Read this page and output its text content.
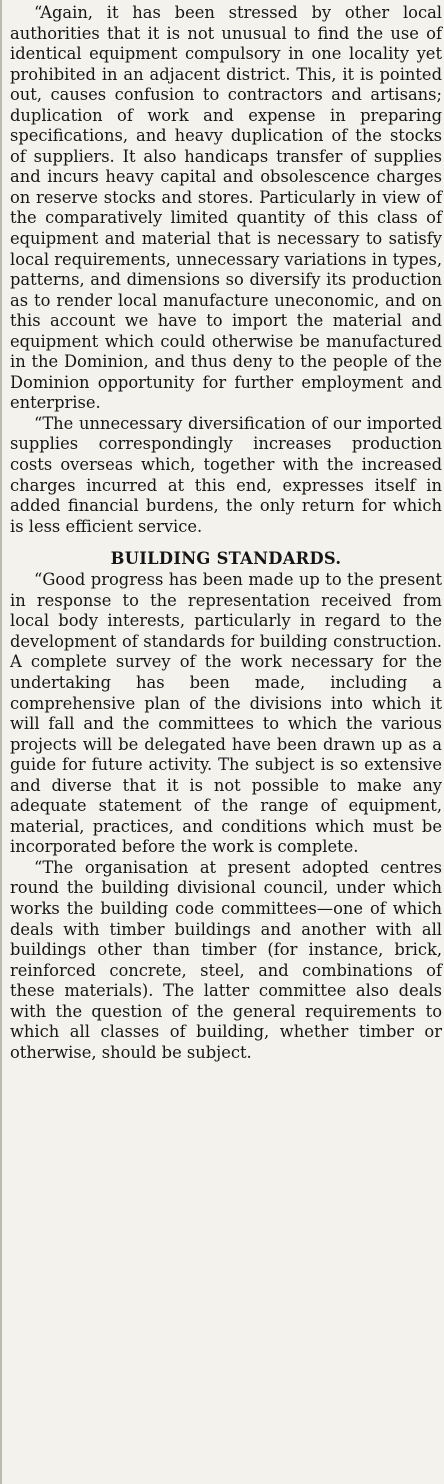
“Again, it has been stressed by other local authorities that it is not unusual to find the use of identical equipment compulsory in one locality yet prohibited in an adjacent district. This, it is pointed out, causes confusion to contractors and artisans; duplication of work and expense in preparing specifications, and heavy duplication of the stocks of suppliers. It also handicaps transfer of supplies and incurs heavy capital and obsolescence charges on reserve stocks and stores. Particularly in view of the comparatively limited quantity of this class of equipment and material that is necessary to satisfy local requirements, unnecessary variations in types, patterns, and dimensions so diversify its production as to render local manufacture uneconomic, and on this account we have to import the material and equipment which could otherwise be manufactured in the Dominion, and thus deny to the people of the Dominion opportunity for further employment and enterprise.

“The unnecessary diversification of our imported supplies correspondingly increases production costs overseas which, together with the increased charges incurred at this end, expresses itself in added financial burdens, the only return for which is less efficient service.

BUILDING STANDARDS.

“Good progress has been made up to the present in response to the representation received from local body interests, particularly in regard to the development of standards for building construction. A complete survey of the work necessary for the undertaking has been made, including a comprehensive plan of the divisions into which it will fall and the committees to which the various projects will be delegated have been drawn up as a guide for future activity. The subject is so extensive and diverse that it is not possible to make any adequate statement of the range of equipment, material, practices, and conditions which must be incorporated before the work is complete.

“The organisation at present adopted centres round the building divisional council, under which works the building code committees—one of which deals with timber buildings and another with all buildings other than timber (for instance, brick, reinforced concrete, steel, and combinations of these materials). The latter committee also deals with the question of the general requirements to which all classes of building, whether timber or otherwise, should be subject.
